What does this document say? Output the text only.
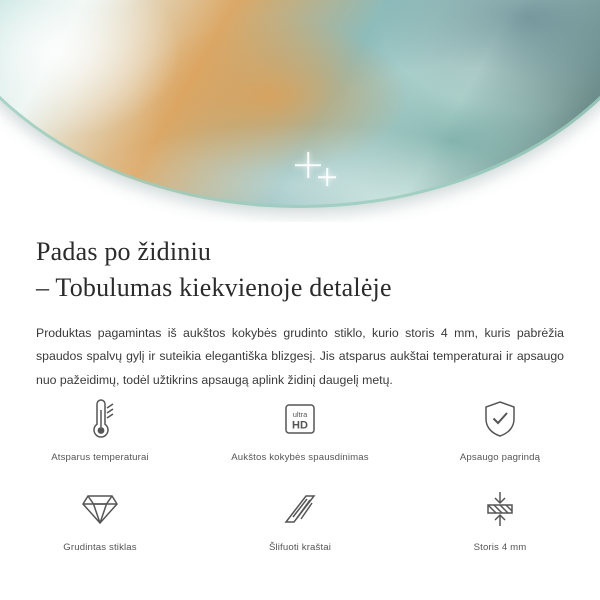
Padas po židiniu
– Tobulumas kiekvienoje detalėje

Produktas pagamintas iš aukštos kokybės grudinto stiklo, kurio storis 4 mm, kuris pabrėžia spaudos spalvų gylį ir suteikia elegantiška blizgesį. Jis atsparus aukštai temperaturai ir apsaugo nuo pažeidimų, todėl užtikrins apsaugą aplink židinį daugelį metų.

Atsparus temperaturai
ultra
HD
Aukštos kokybės spausdinimas	Apsaugo pagrindą
Grudintas stiklas	Šlifuoti kraštai	Storis 4 mm
